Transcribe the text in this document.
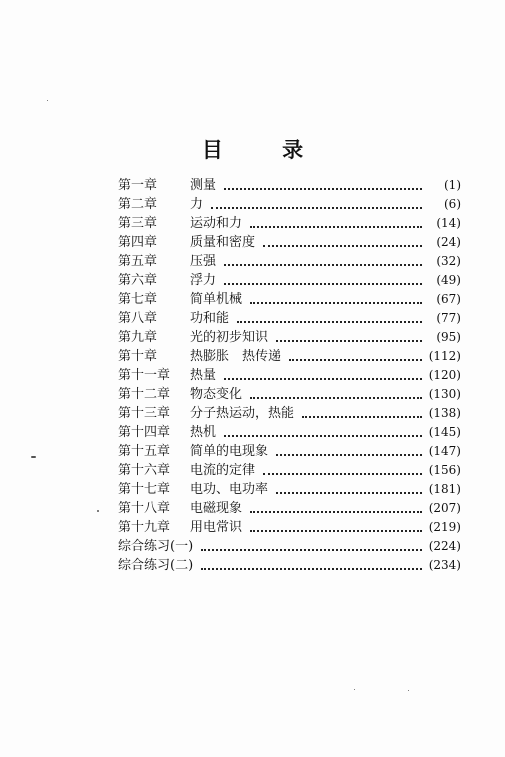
目 录
第一章	测量	(1)
第二章	力	(6)
第三章	运动和力	(14)
第四章	质量和密度	(24)
第五章	压强	(32)
第六章	浮力	(49)
第七章	简单机械	(67)
第八章	功和能	(77)
第九章	光的初步知识	(95)
第十章	热膨胀　热传递	(112)
第十一章	热量	(120)
第十二章	物态变化	(130)
第十三章	分子热运动，热能	(138)
第十四章	热机	(145)
第十五章	简单的电现象	(147)
第十六章	电流的定律	(156)
第十七章	电功、电功率	(181)
第十八章	电磁现象	(207)
第十九章	用电常识	(219)
综合练习(一)	(224)
综合练习(二)	(234)
